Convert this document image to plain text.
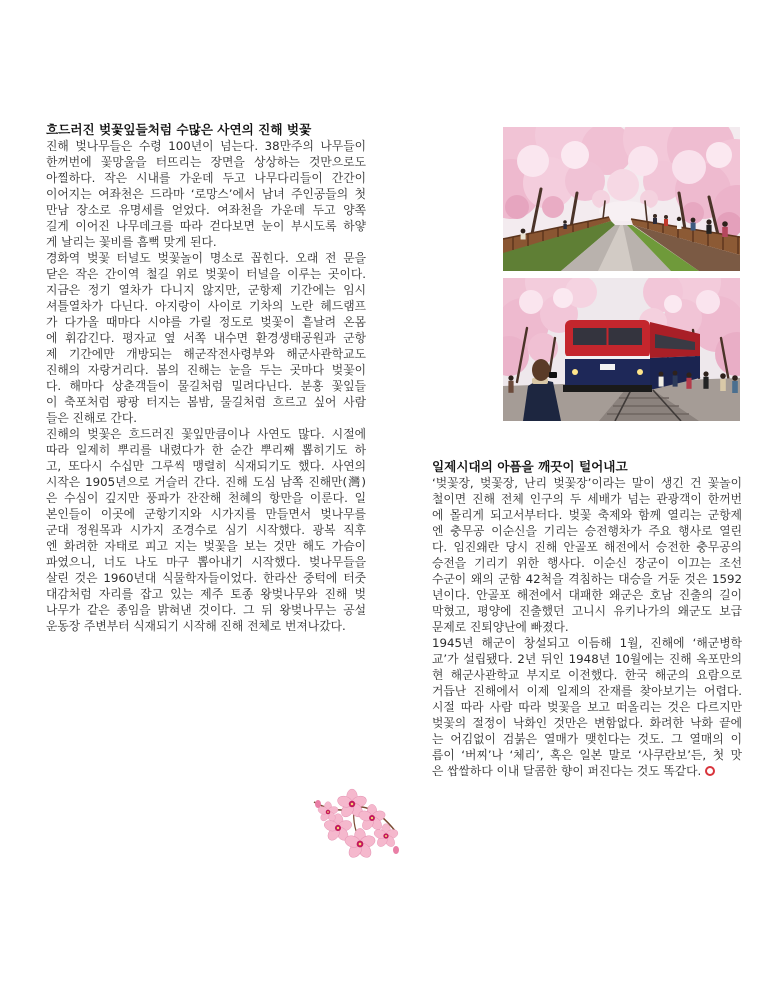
흐드러진 벚꽃잎들처럼 수많은 사연의 진해 벚꽃
진해 벚나무들은 수령 100년이 넘는다. 38만주의 나무들이
한꺼번에 꽃망울을 터뜨리는 장면을 상상하는 것만으로도
아찔하다. 작은 시내를 가운데 두고 나무다리들이 간간이
이어지는 여좌천은 드라마 ‘로망스’에서 남녀 주인공들의 첫
만남 장소로 유명세를 얻었다. 여좌천을 가운데 두고 양쪽
길게 이어진 나무데크를 따라 걷다보면 눈이 부시도록 하얗
게 날리는 꽃비를 흠뻑 맞게 된다.
경화역 벚꽃 터널도 벚꽃놀이 명소로 꼽힌다. 오래 전 문을
닫은 작은 간이역 철길 위로 벚꽃이 터널을 이루는 곳이다.
지금은 정기 열차가 다니지 않지만, 군항제 기간에는 임시
셔틀열차가 다닌다. 아지랑이 사이로 기차의 노란 헤드램프
가 다가올 때마다 시야를 가릴 정도로 벚꽃이 흩날려 온몸
에 휘감긴다. 평자교 옆 서쪽 내수면 환경생태공원과 군항
제 기간에만 개방되는 해군작전사령부와 해군사관학교도
진해의 자랑거리다. 봄의 진해는 눈을 두는 곳마다 벚꽃이
다. 해마다 상춘객들이 물길처럼 밀려다닌다. 분홍 꽃잎들
이 축포처럼 팡팡 터지는 봄밤, 물길처럼 흐르고 싶어 사람
들은 진해로 간다.
진해의 벚꽃은 흐드러진 꽃잎만큼이나 사연도 많다. 시절에
따라 일제히 뿌리를 내렸다가 한 순간 뿌리째 뽑히기도 하
고, 또다시 수십만 그루씩 맹렬히 식재되기도 했다. 사연의
시작은 1905년으로 거슬러 간다. 진해 도심 남쪽 진해만(灣)
은 수심이 깊지만 풍파가 잔잔해 천혜의 항만을 이룬다. 일
본인들이 이곳에 군항기지와 시가지를 만들면서 벚나무를
군대 정원목과 시가지 조경수로 심기 시작했다. 광복 직후
엔 화려한 자태로 피고 지는 벚꽃을 보는 것만 해도 가슴이
파였으니, 너도 나도 마구 뽑아내기 시작했다. 벚나무들을
살린 것은 1960년대 식물학자들이었다. 한라산 중턱에 터줏
대감처럼 자리를 잡고 있는 제주 토종 왕벚나무와 진해 벚
나무가 같은 종임을 밝혀낸 것이다. 그 뒤 왕벚나무는 공설
운동장 주변부터 식재되기 시작해 진해 전체로 번져나갔다.
일제시대의 아픔을 깨끗이 털어내고
‘벚꽃장, 벚꽃장, 난리 벚꽃장’이라는 말이 생긴 건 꽃놀이
철이면 진해 전체 인구의 두 세배가 넘는 관광객이 한꺼번
에 몰리게 되고서부터다. 벚꽃 축제와 함께 열리는 군항제
엔 충무공 이순신을 기리는 승전행차가 주요 행사로 열린
다. 임진왜란 당시 진해 안골포 해전에서 승전한 충무공의
승전을 기리기 위한 행사다. 이순신 장군이 이끄는 조선
수군이 왜의 군함 42척을 격침하는 대승을 거둔 것은 1592
년이다. 안골포 해전에서 대패한 왜군은 호남 진출의 길이
막혔고, 평양에 진출했던 고니시 유키나가의 왜군도 보급
문제로 진퇴양난에 빠졌다.
1945년 해군이 창설되고 이듬해 1월, 진해에 ‘해군병학
교’가 설립됐다. 2년 뒤인 1948년 10월에는 진해 옥포만의
현 해군사관학교 부지로 이전했다. 한국 해군의 요람으로
거듭난 진해에서 이제 일제의 잔재를 찾아보기는 어렵다.
시절 따라 사람 따라 벚꽃을 보고 떠올리는 것은 다르지만
벚꽃의 절정이 낙화인 것만은 변함없다. 화려한 낙화 끝에
는 어김없이 검붉은 열매가 맺힌다는 것도. 그 열매의 이
름이 ‘버찌’나 ‘체리’, 혹은 일본 말로 ‘사쿠란보’든, 첫 맛
은 쌉쌀하다 이내 달콤한 향이 퍼진다는 것도 똑같다.
